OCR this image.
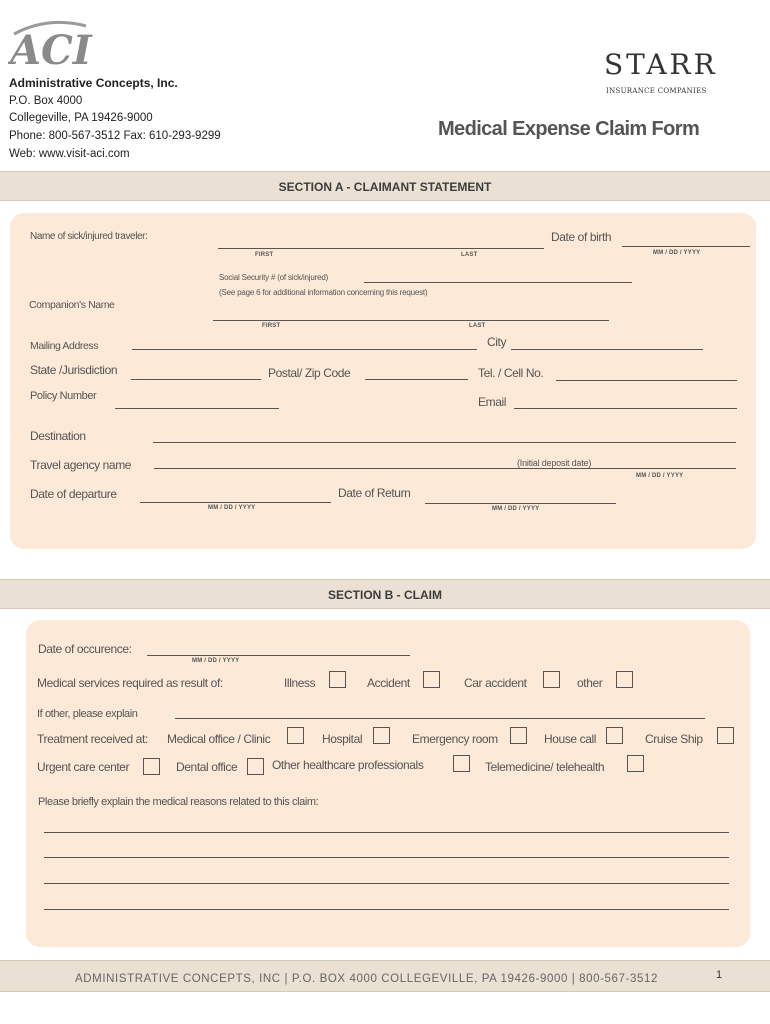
ACI
Administrative Concepts, Inc.
P.O. Box 4000
Collegeville, PA 19426-9000
Phone: 800-567-3512 Fax: 610-293-9299
Web: www.visit-aci.com
STARR
INSURANCE COMPANIES
Medical Expense Claim Form
SECTION A - CLAIMANT STATEMENT
Name of sick/injured traveler:
FIRST	LAST
Date of birth
MM / DD / YYYY
Social Security # (of sick/injured)
(See page 6 for additional information concerning this request)
Companion's Name
FIRST	LAST
Mailing Address	City
State /Jurisdiction	Postal/ Zip Code	Tel. / Cell No.
Policy Number	Email
Destination
Travel agency name	(Initial deposit date)
MM / DD / YYYY
Date of departure
MM / DD / YYYY
Date of Return
MM / DD / YYYY
SECTION B - CLAIM
Date of occurence:
MM / DD / YYYY
Medical services required as result of:	Illness	Accident	Car accident	other
If other, please explain
Treatment received at: Medical office / Clinic	Hospital	Emergency room	House call	Cruise Ship
Urgent care center	Dental office	Other healthcare professionals	Telemedicine/ telehealth
Please briefly explain the medical reasons related to this claim:
ADMINISTRATIVE CONCEPTS, INC | P.O. BOX 4000 COLLEGEVILLE, PA 19426-9000 | 800-567-3512	1
